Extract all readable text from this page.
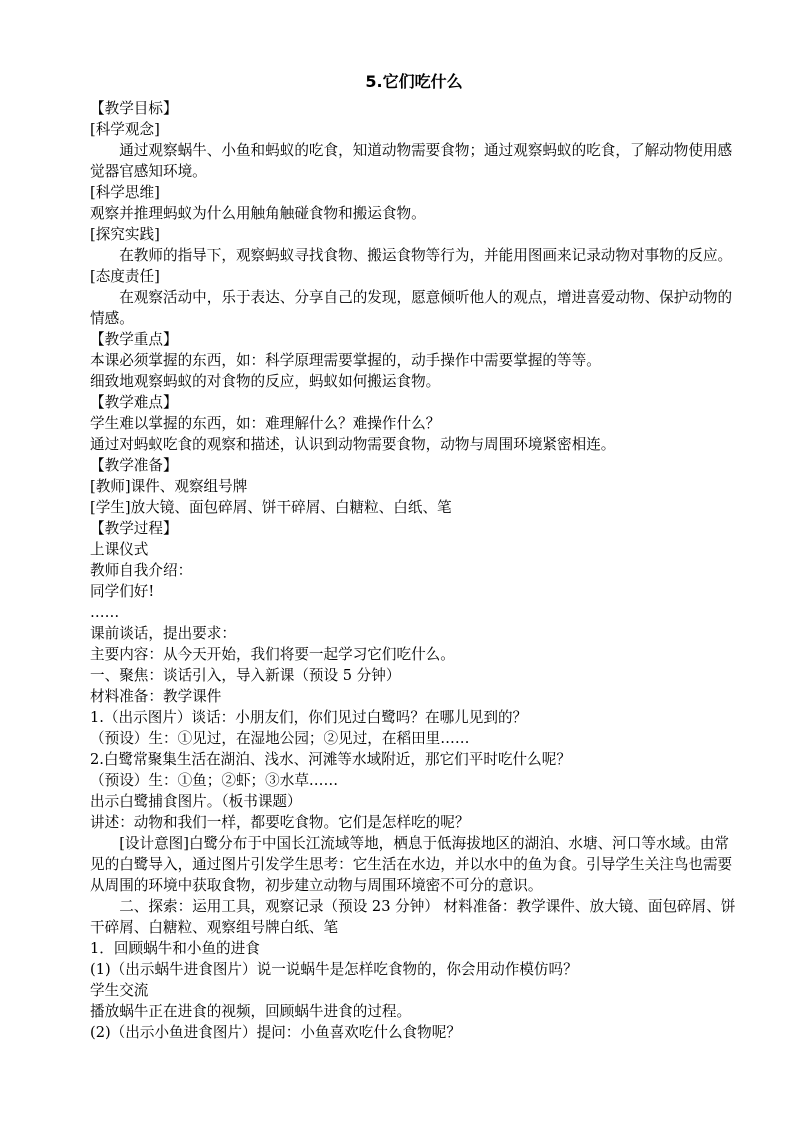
5.它们吃什么
【教学目标】
[科学观念]
通过观察蜗牛、小鱼和蚂蚁的吃食，知道动物需要食物；通过观察蚂蚁的吃食，了解动物使用感觉器官感知环境。
[科学思维]
观察并推理蚂蚁为什么用触角触碰食物和搬运食物。
[探究实践]
在教师的指导下，观察蚂蚁寻找食物、搬运食物等行为，并能用图画来记录动物对事物的反应。
[态度责任]
在观察活动中，乐于表达、分享自己的发现，愿意倾听他人的观点，增进喜爱动物、保护动物的情感。
【教学重点】
本课必须掌握的东西，如：科学原理需要掌握的，动手操作中需要掌握的等等。
细致地观察蚂蚁的对食物的反应，蚂蚁如何搬运食物。
【教学难点】
学生难以掌握的东西，如：难理解什么？难操作什么？
通过对蚂蚁吃食的观察和描述，认识到动物需要食物，动物与周围环境紧密相连。
【教学准备】
[教师]课件、观察组号牌
[学生]放大镜、面包碎屑、饼干碎屑、白糖粒、白纸、笔
【教学过程】
上课仪式
教师自我介绍：
同学们好!
……
课前谈话，提出要求：
主要内容：从今天开始，我们将要一起学习它们吃什么。
一、聚焦：谈话引入，导入新课（预设 5 分钟）
材料准备：教学课件
1.（出示图片）谈话：小朋友们，你们见过白鹭吗？在哪儿见到的？
（预设）生：①见过，在湿地公园；②见过，在稻田里……
2.白鹭常聚集生活在湖泊、浅水、河滩等水域附近，那它们平时吃什么呢？
（预设）生：①鱼；②虾；③水草……
出示白鹭捕食图片。（板书课题）
讲述：动物和我们一样，都要吃食物。它们是怎样吃的呢？
[设计意图]白鹭分布于中国长江流域等地，栖息于低海拔地区的湖泊、水塘、河口等水域。由常见的白鹭导入，通过图片引发学生思考：它生活在水边，并以水中的鱼为食。引导学生关注鸟也需要从周围的环境中获取食物，初步建立动物与周围环境密不可分的意识。
二、探索：运用工具，观察记录（预设 23 分钟） 材料准备：教学课件、放大镜、面包碎屑、饼干碎屑、白糖粒、观察组号牌白纸、笔
1．回顾蜗牛和小鱼的进食
(1)（出示蜗牛进食图片）说一说蜗牛是怎样吃食物的，你会用动作模仿吗？
学生交流
播放蜗牛正在进食的视频，回顾蜗牛进食的过程。
(2)（出示小鱼进食图片）提问：小鱼喜欢吃什么食物呢？
